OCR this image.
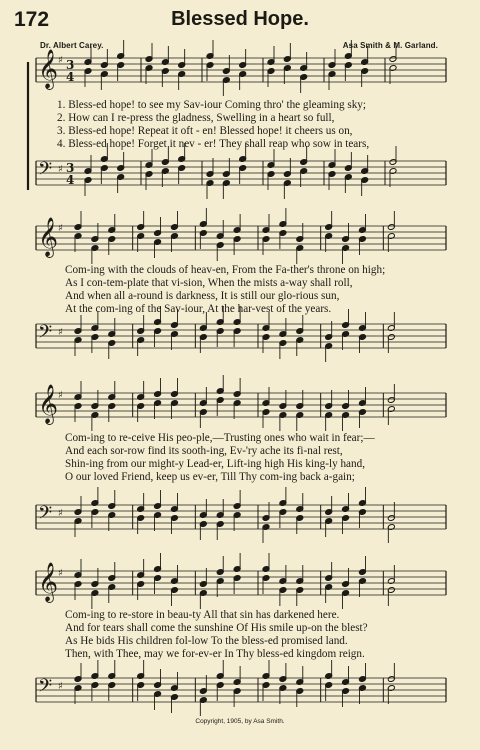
172	Blessed Hope.
Dr. Albert Carey.	Asa Smith & M. Garland.
𝄞 ♯ 3
4
𝄢 ♯ 3
4
1. Bless-ed hope! to see my Sav-iour Coming thro' the gleaming sky;
2. How can I re-press the gladness, Swelling in a heart so full,
3. Bless-ed hope! Repeat it oft - en! Blessed hope! it cheers us on,
4. Bless-ed hope! Forget it nev - er! They shall reap who sow in tears,
𝄞 ♯
𝄢 ♯
Com-ing with the clouds of heav-en, From the Fa-ther's throne on high;
As I con-tem-plate that vi-sion, When the mists a-way shall roll,
And when all a-round is darkness, It is still our glo-rious sun,
At the com-ing of the Sav-iour, At the har-vest of the years.
𝄞 ♯
𝄢 ♯
Com-ing to re-ceive His peo-ple,—Trusting ones who wait in fear;—
And each sor-row find its sooth-ing, Ev-'ry ache its fi-nal rest,
Shin-ing from our might-y Lead-er, Lift-ing high His king-ly hand,
O our loved Friend, keep us ev-er, Till Thy com-ing back a-gain;
𝄞 ♯
𝄢 ♯
Com-ing to re-store in beau-ty All that sin has darkened here.
And for tears shall come the sunshine Of His smile up-on the blest?
As He bids His children fol-low To the bless-ed promised land.
Then, with Thee, may we for-ev-er In Thy bless-ed kingdom reign.
Copyright, 1905, by Asa Smith.
